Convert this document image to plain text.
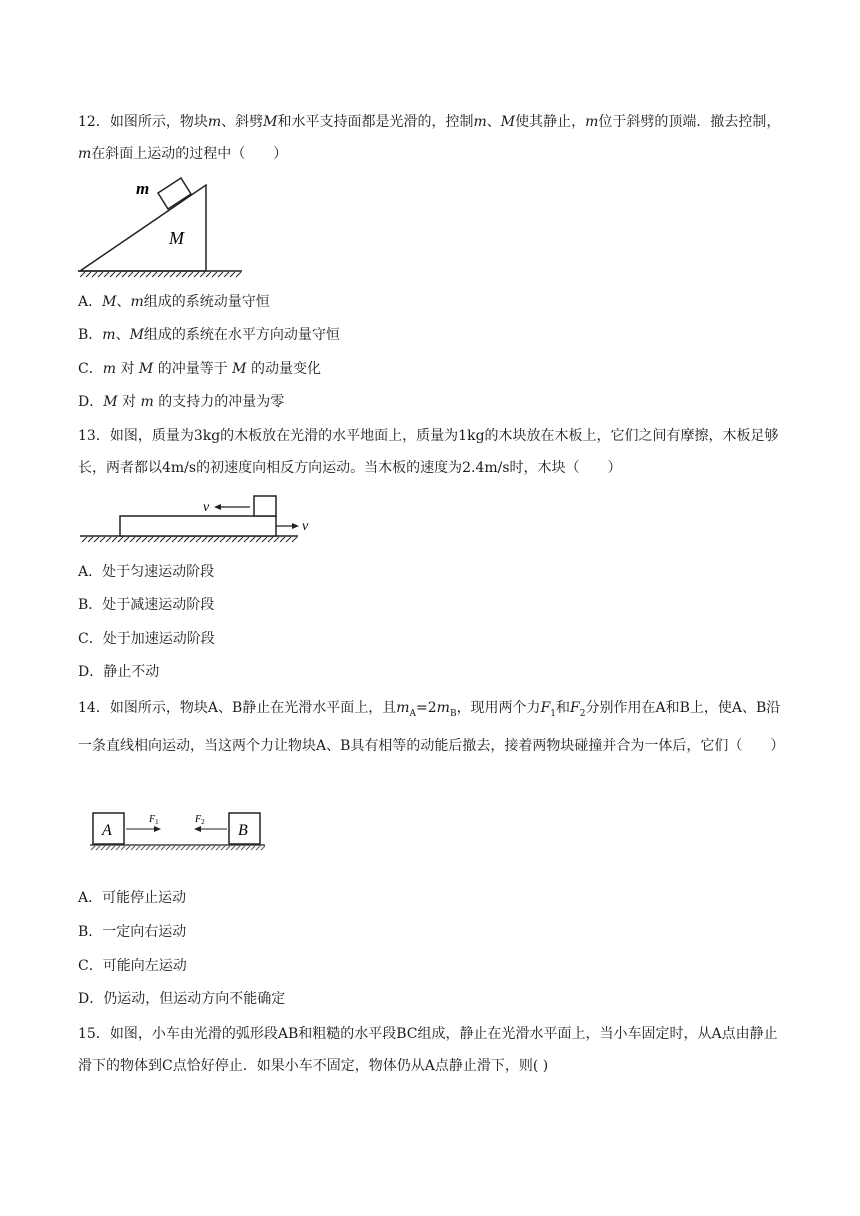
12．如图所示，物块m、斜劈M和水平支持面都是光滑的，控制m、M使其静止，m位于斜劈的顶端．撤去控制，m在斜面上运动的过程中（　　）
m
M
A．M、m组成的系统动量守恒
B．m、M组成的系统在水平方向动量守恒
C．m 对 M 的冲量等于 M 的动量变化
D．M 对 m 的支持力的冲量为零
13．如图，质量为3kg的木板放在光滑的水平地面上，质量为1kg的木块放在木板上，它们之间有摩擦，木板足够长，两者都以4m/s的初速度向相反方向运动。当木板的速度为2.4m/s时，木块（　　）
v
v
A．处于匀速运动阶段
B．处于减速运动阶段
C．处于加速运动阶段
D．静止不动
14．如图所示，物块A、B静止在光滑水平面上，且$m_A=2m_B$，现用两个力$F_1$和$F_2$分别作用在A和B上，使A、B沿一条直线相向运动，当这两个力让物块A、B具有相等的动能后撤去，接着两物块碰撞并合为一体后，它们（　　）
A	B
$F_1$	$F_2$
A．可能停止运动
B．一定向右运动
C．可能向左运动
D．仍运动，但运动方向不能确定
15．如图，小车由光滑的弧形段AB和粗糙的水平段BC组成，静止在光滑水平面上，当小车固定时，从A点由静止滑下的物体到C点恰好停止．如果小车不固定，物体仍从A点静止滑下，则( )
